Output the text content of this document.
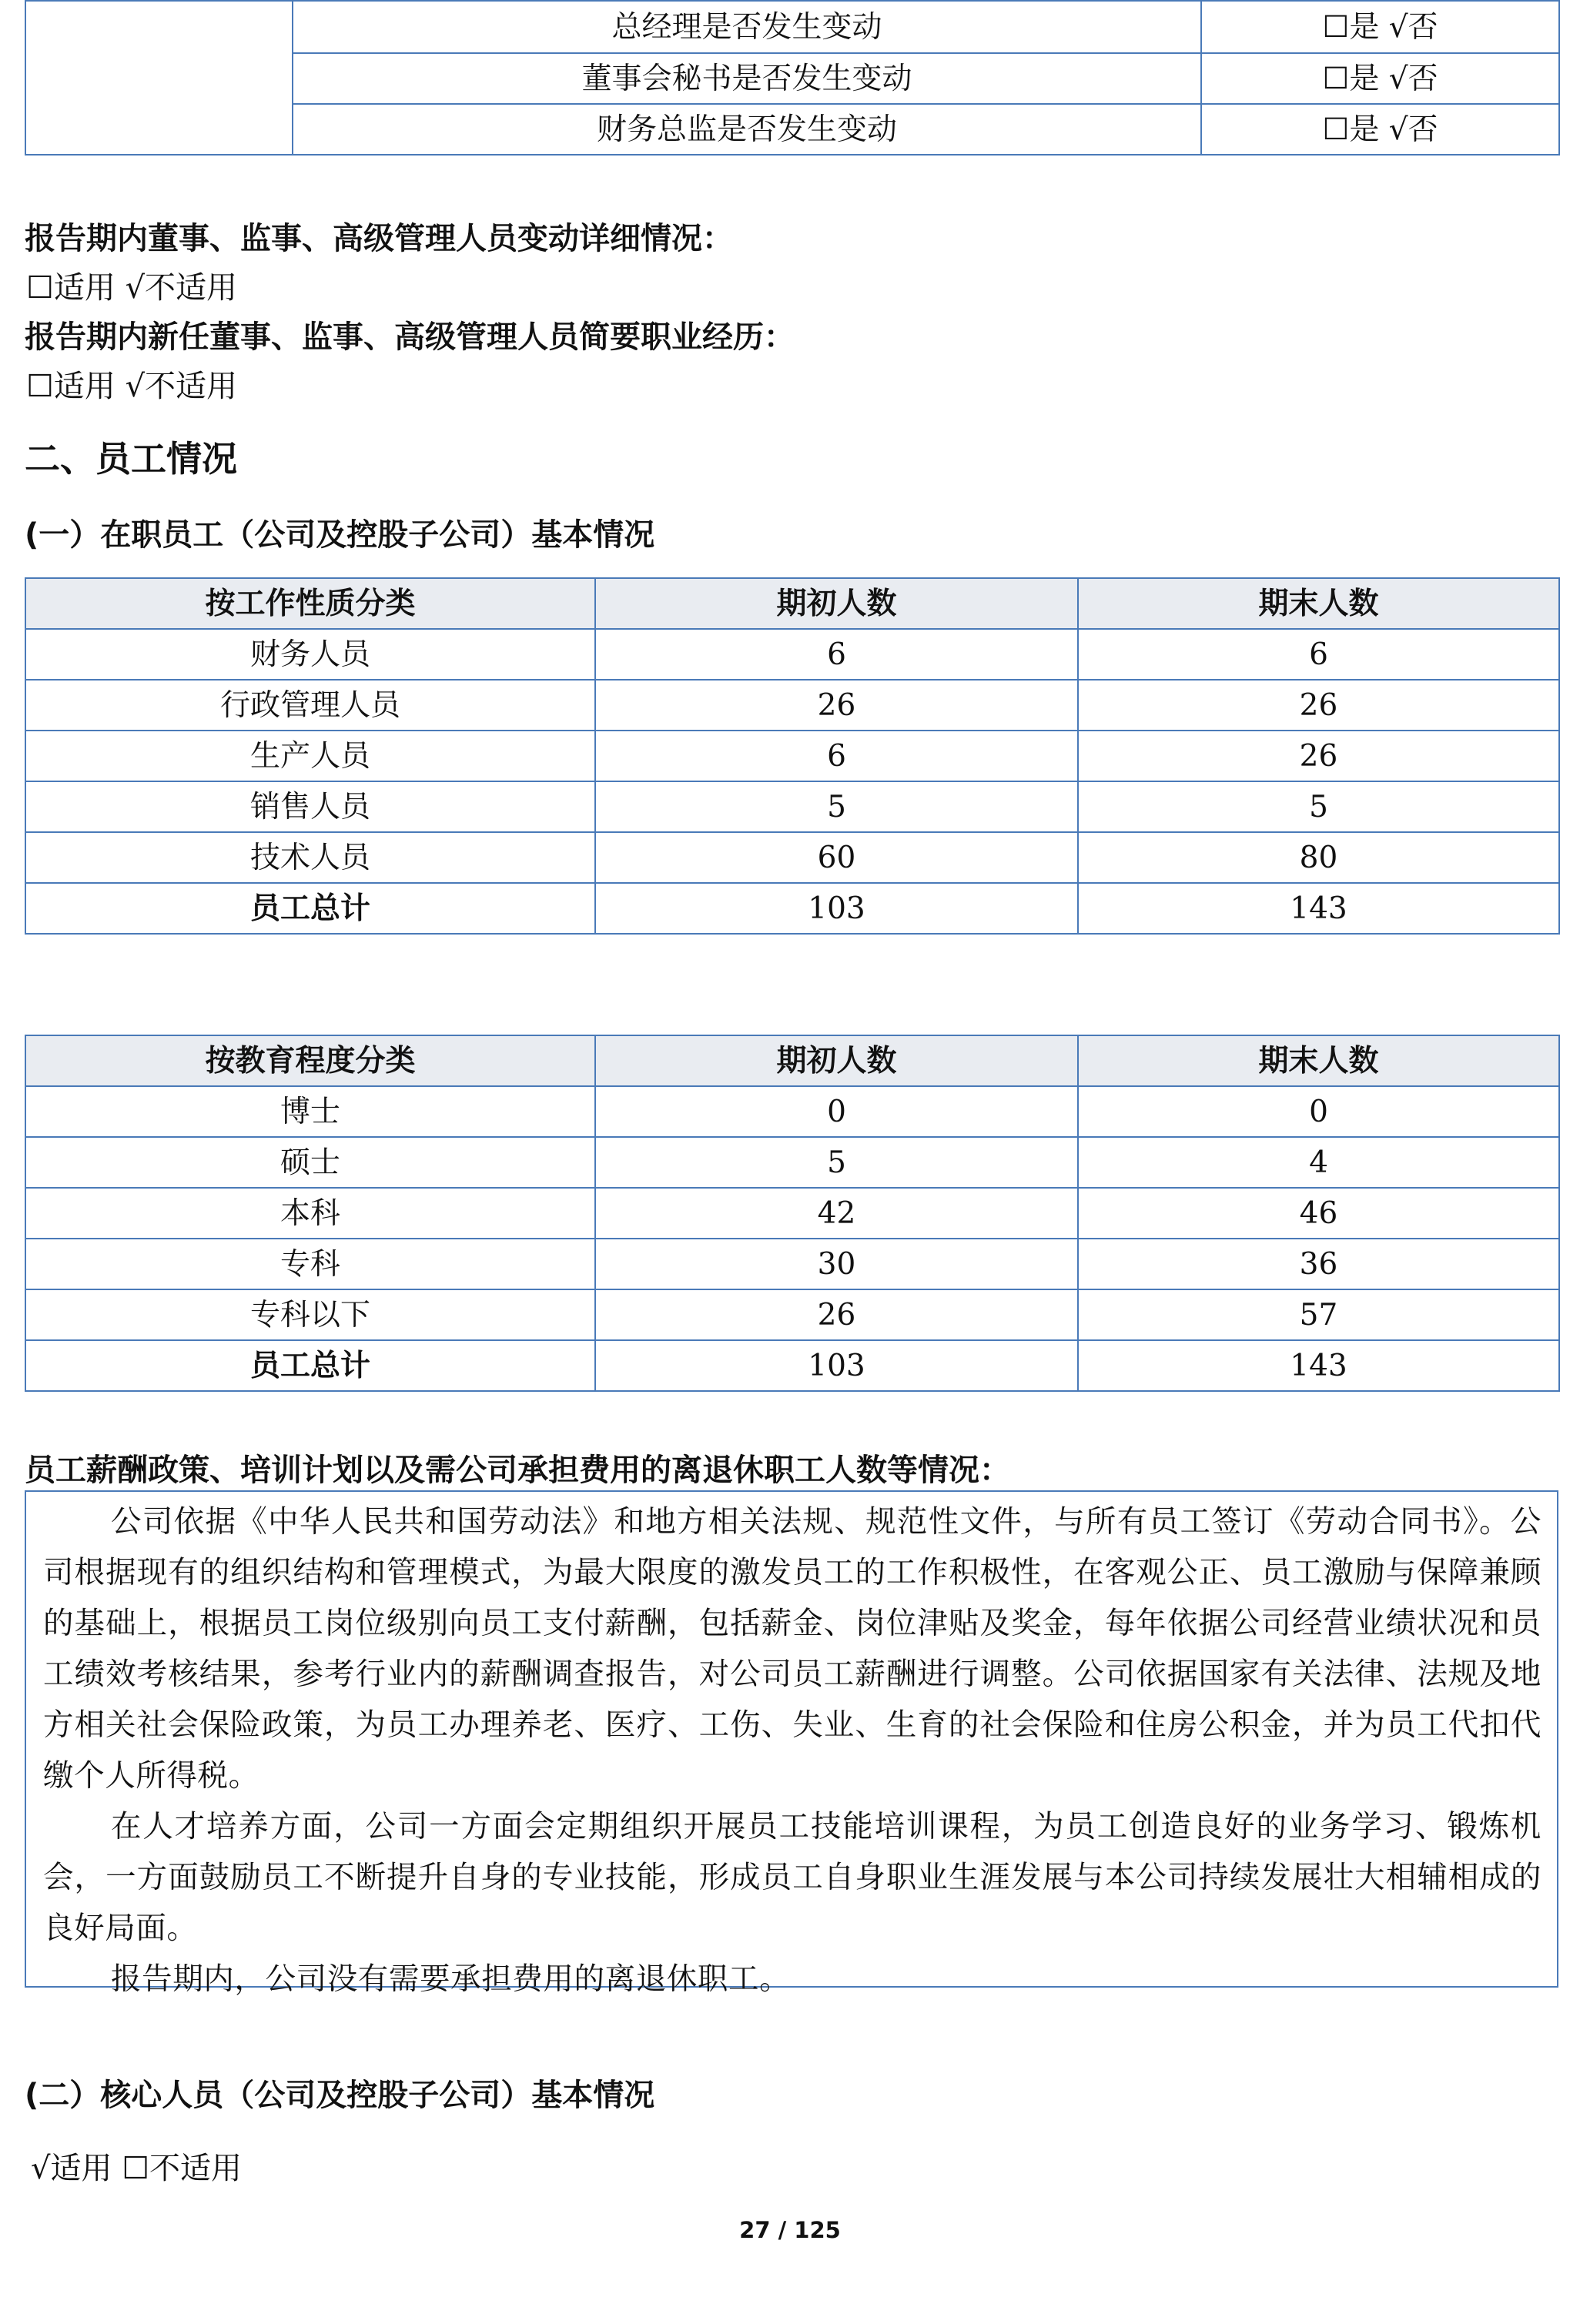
	总经理是否发生变动	☐是 √否
	董事会秘书是否发生变动	☐是 √否
	财务总监是否发生变动	☐是 √否
报告期内董事、监事、高级管理人员变动详细情况：
☐适用 √不适用
报告期内新任董事、监事、高级管理人员简要职业经历：
☐适用 √不适用
二、员工情况
(一）在职员工（公司及控股子公司）基本情况
按工作性质分类	期初人数	期末人数
财务人员	6	6
行政管理人员	26	26
生产人员	6	26
销售人员	5	5
技术人员	60	80
员工总计	103	143
按教育程度分类	期初人数	期末人数
博士	0	0
硕士	5	4
本科	42	46
专科	30	36
专科以下	26	57
员工总计	103	143
员工薪酬政策、培训计划以及需公司承担费用的离退休职工人数等情况：

公司依据《中华人民共和国劳动法》和地方相关法规、规范性文件，与所有员工签订《劳动合同书》。公司根据现有的组织结构和管理模式，为最大限度的激发员工的工作积极性，在客观公正、员工激励与保障兼顾的基础上，根据员工岗位级别向员工支付薪酬，包括薪金、岗位津贴及奖金，每年依据公司经营业绩状况和员工绩效考核结果，参考行业内的薪酬调查报告，对公司员工薪酬进行调整。公司依据国家有关法律、法规及地方相关社会保险政策，为员工办理养老、医疗、工伤、失业、生育的社会保险和住房公积金，并为员工代扣代缴个人所得税。

在人才培养方面，公司一方面会定期组织开展员工技能培训课程，为员工创造良好的业务学习、锻炼机会，一方面鼓励员工不断提升自身的专业技能，形成员工自身职业生涯发展与本公司持续发展壮大相辅相成的良好局面。

报告期内，公司没有需要承担费用的离退休职工。

(二）核心人员（公司及控股子公司）基本情况
√适用 ☐不适用
27 / 125
